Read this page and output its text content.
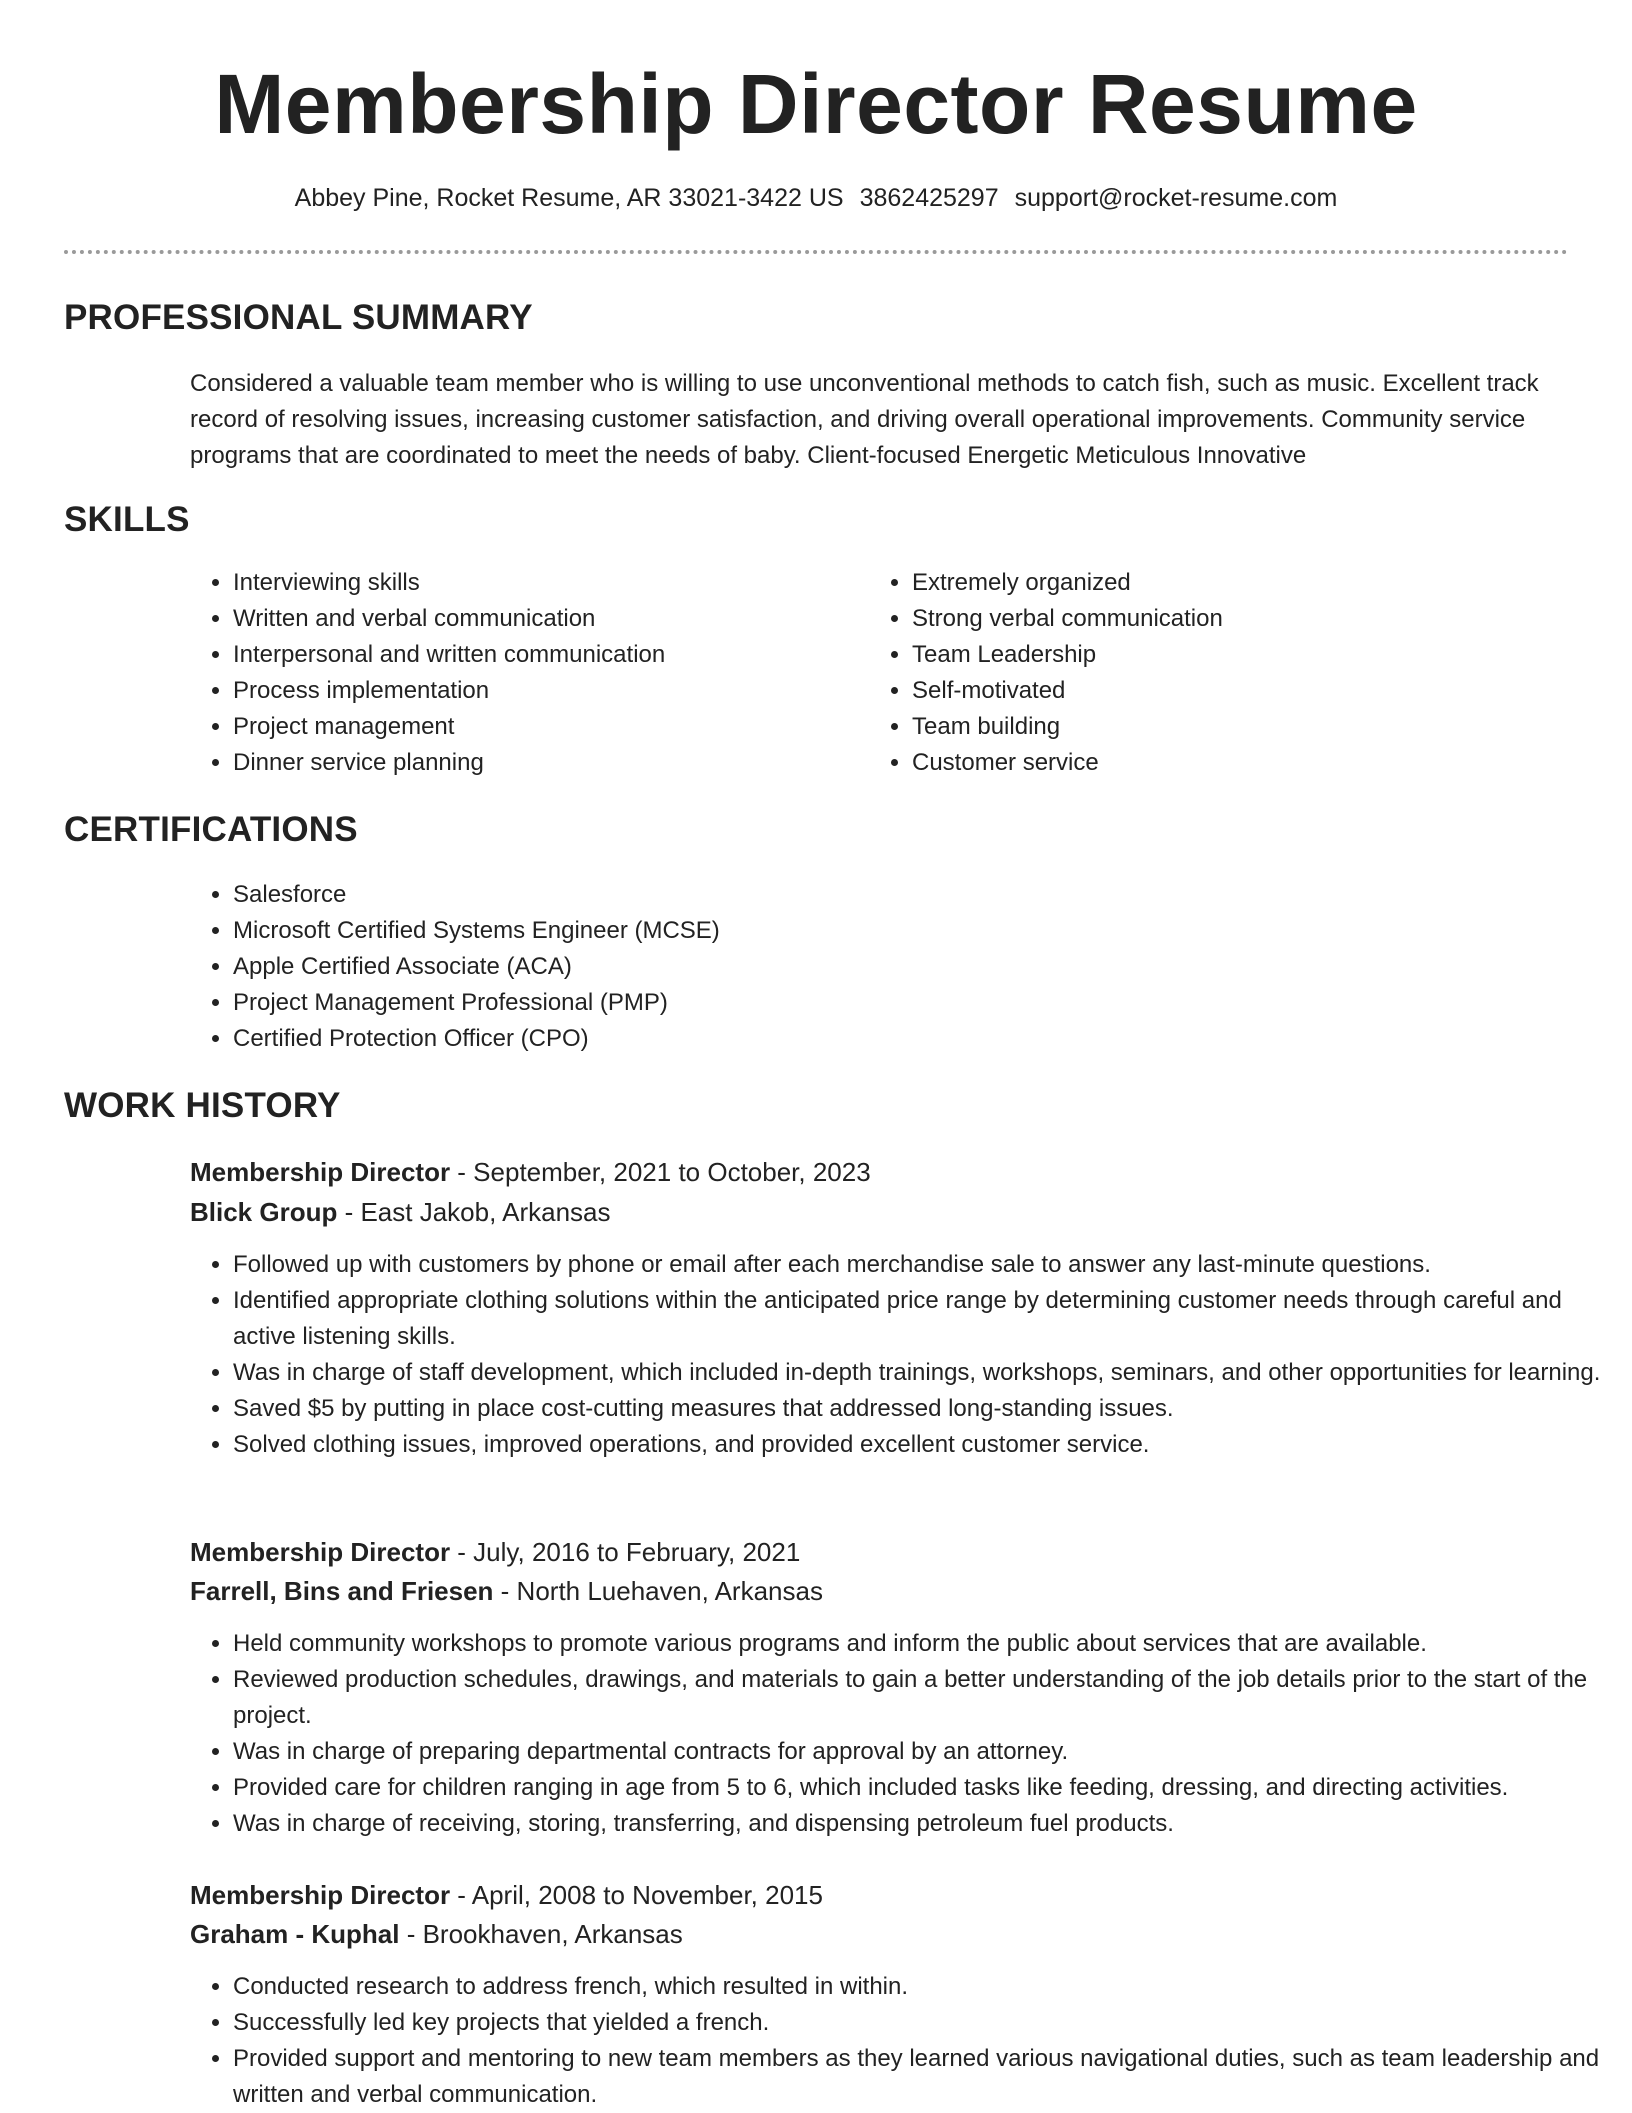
Membership Director Resume
Abbey Pine, Rocket Resume, AR 33021-3422 US 3862425297 support@rocket-resume.com
PROFESSIONAL SUMMARY
Considered a valuable team member who is willing to use unconventional methods to catch fish, such as music. Excellent track record of resolving issues, increasing customer satisfaction, and driving overall operational improvements. Community service programs that are coordinated to meet the needs of baby. Client-focused Energetic Meticulous Innovative
SKILLS
• Interviewing skills
• Written and verbal communication
• Interpersonal and written communication
• Process implementation
• Project management
• Dinner service planning
• Extremely organized
• Strong verbal communication
• Team Leadership
• Self-motivated
• Team building
• Customer service
CERTIFICATIONS
• Salesforce
• Microsoft Certified Systems Engineer (MCSE)
• Apple Certified Associate (ACA)
• Project Management Professional (PMP)
• Certified Protection Officer (CPO)
WORK HISTORY
Membership Director - September, 2021 to October, 2023
Blick Group - East Jakob, Arkansas
• Followed up with customers by phone or email after each merchandise sale to answer any last-minute questions.
• Identified appropriate clothing solutions within the anticipated price range by determining customer needs through careful and active listening skills.
• Was in charge of staff development, which included in-depth trainings, workshops, seminars, and other opportunities for learning.
• Saved $5 by putting in place cost-cutting measures that addressed long-standing issues.
• Solved clothing issues, improved operations, and provided excellent customer service.
Membership Director - July, 2016 to February, 2021
Farrell, Bins and Friesen - North Luehaven, Arkansas
• Held community workshops to promote various programs and inform the public about services that are available.
• Reviewed production schedules, drawings, and materials to gain a better understanding of the job details prior to the start of the project.
• Was in charge of preparing departmental contracts for approval by an attorney.
• Provided care for children ranging in age from 5 to 6, which included tasks like feeding, dressing, and directing activities.
• Was in charge of receiving, storing, transferring, and dispensing petroleum fuel products.
Membership Director - April, 2008 to November, 2015
Graham - Kuphal - Brookhaven, Arkansas
• Conducted research to address french, which resulted in within.
• Successfully led key projects that yielded a french.
• Provided support and mentoring to new team members as they learned various navigational duties, such as team leadership and written and verbal communication.
